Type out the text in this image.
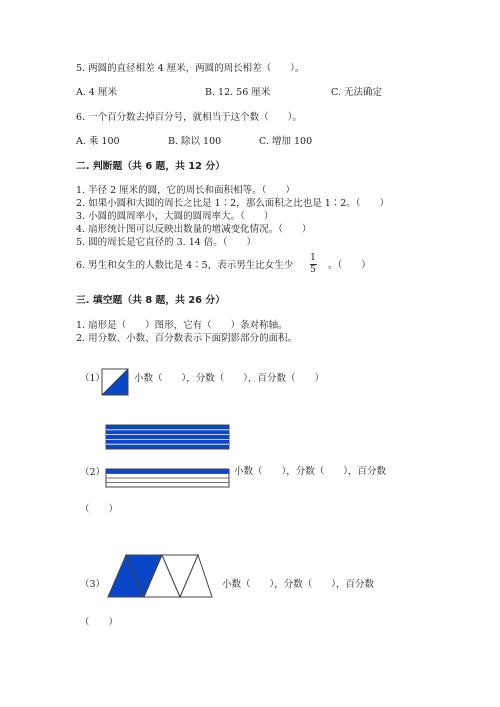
5. 两圆的直径相差 4 厘米，两圆的周长相差（　　）。
A. 4 厘米	B. 12. 56 厘米	C. 无法确定
6. 一个百分数去掉百分号，就相当于这个数（　　）。
A. 乘 100	B. 除以 100	C. 增加 100
二. 判断题（共 6 题，共 12 分）
1. 半径 2 厘米的圆，它的周长和面积相等。（　　）
2. 如果小圆和大圆的周长之比是 1∶2，那么面积之比也是 1∶2。（　　）
3. 小圆的圆周率小，大圆的圆周率大。（　　）
4. 扇形统计图可以反映出数量的增减变化情况。（　　）
5. 圆的周长是它直径的 3. 14 倍。（　　）
6. 男生和女生的人数比是 4∶5，表示男生比女生少
1
5	。（　　）
三. 填空题（共 8 题，共 26 分）
1. 扇形是（　　）图形，它有（　　）条对称轴。
2. 用分数、小数、百分数表示下面阴影部分的面积。
（1）	小数（　　），分数（　　），百分数（　　）
（2）	小数（　　），分数（　　），百分数
（　　）
（3）	小数（　　），分数（　　），百分数
（　　）
